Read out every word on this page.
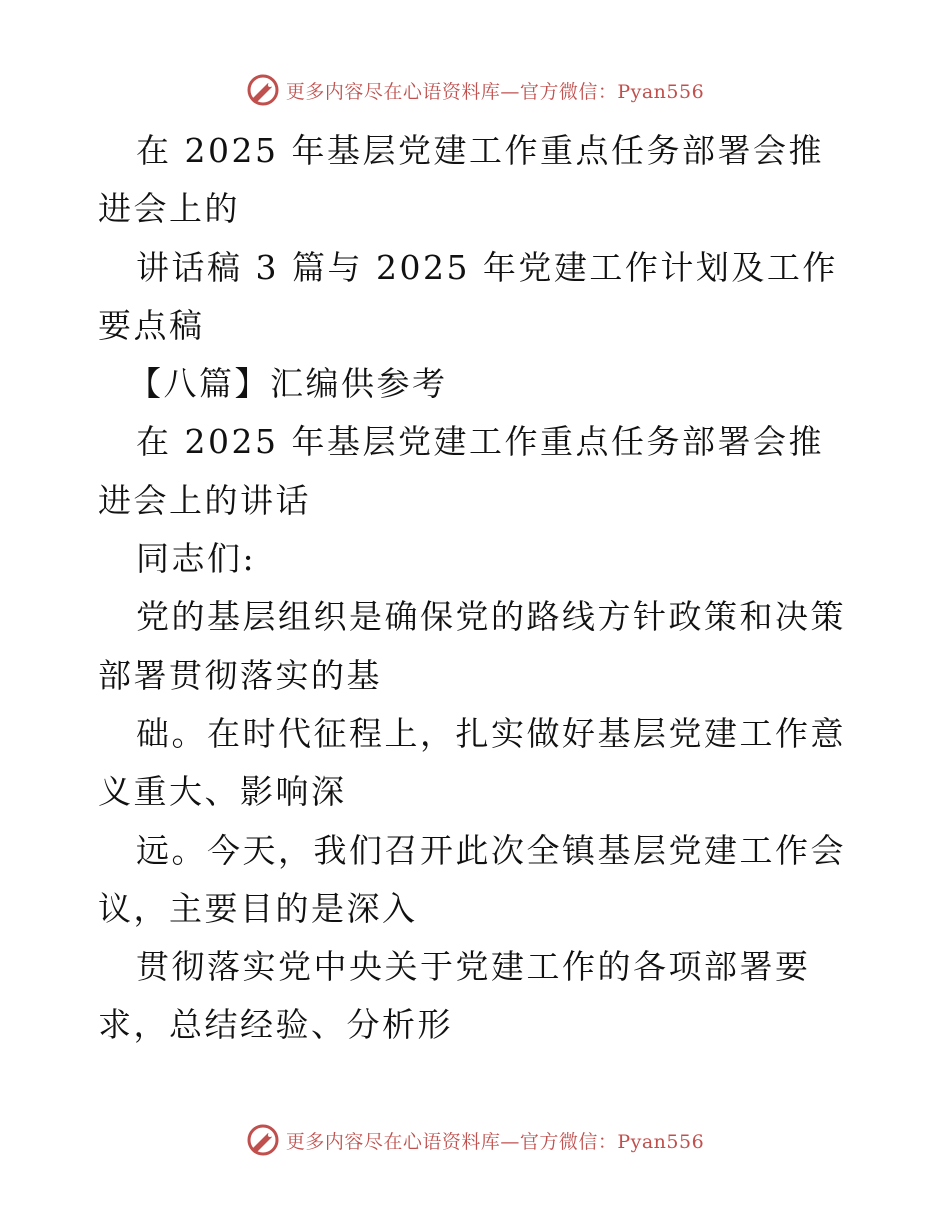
更多内容尽在心语资料库—官方微信：Pyan556

在 2025 年基层党建工作重点任务部署会推进会上的

讲话稿 3 篇与 2025 年党建工作计划及工作要点稿

【八篇】汇编供参考

在 2025 年基层党建工作重点任务部署会推进会上的讲话

同志们:

党的基层组织是确保党的路线方针政策和决策部署贯彻落实的基

础。在时代征程上，扎实做好基层党建工作意义重大、影响深

远。今天，我们召开此次全镇基层党建工作会议，主要目的是深入

贯彻落实党中央关于党建工作的各项部署要求，总结经验、分析形

更多内容尽在心语资料库—官方微信：Pyan556
